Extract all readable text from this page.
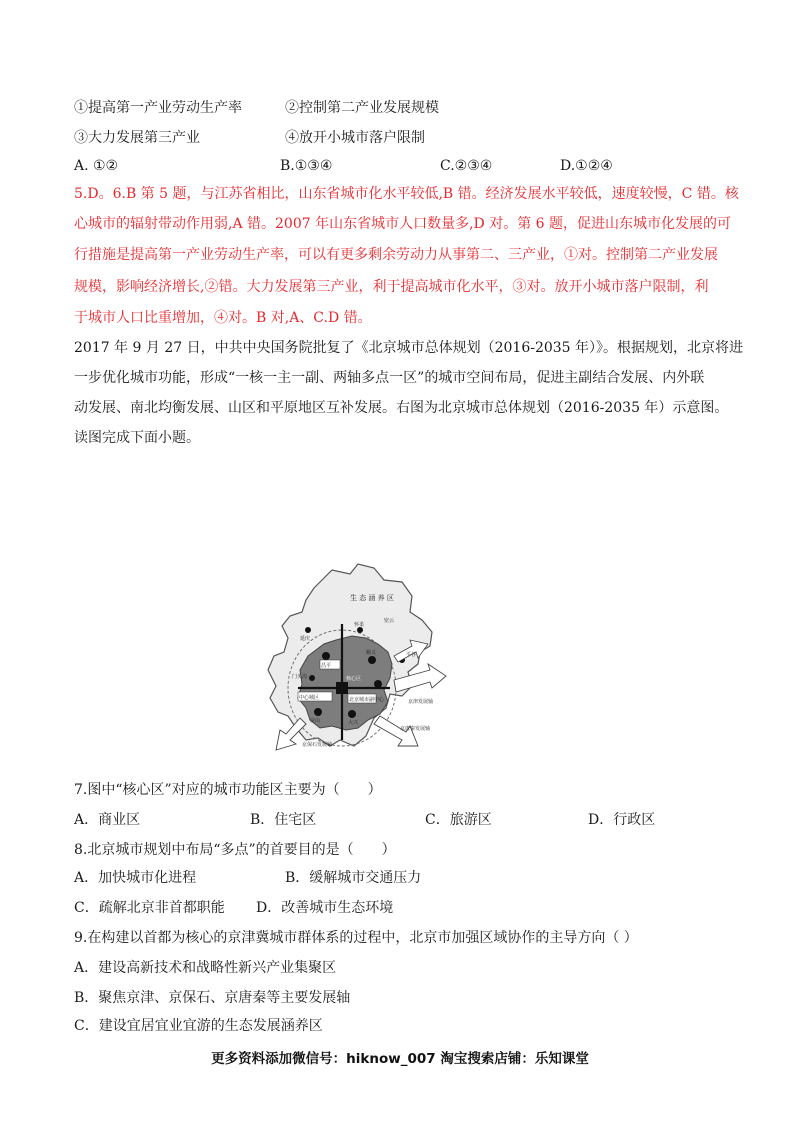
①提高第一产业劳动生产率	②控制第二产业发展规模
③大力发展第三产业	④放开小城市落户限制
A. ①②	B.①③④	C.②③④	D.①②④
5.D。6.B 第 5 题，与江苏省相比，山东省城市化水平较低,B 错。经济发展水平较低，速度较慢，C 错。核
心城市的辐射带动作用弱,A 错。2007 年山东省城市人口数量多,D 对。第 6 题，促进山东城市化发展的可
行措施是提高第一产业劳动生产率，可以有更多剩余劳动力从事第二、三产业，①对。控制第二产业发展
规模，影响经济增长,②错。大力发展第三产业，利于提高城市化水平，③对。放开小城市落户限制，利
于城市人口比重增加，④对。B 对,A、C.D 错。
2017 年 9 月 27 日，中共中央国务院批复了《北京城市总体规划（2016-2035 年）》。根据规划，北京将进
一步优化城市功能，形成“一核一主一副、两轴多点一区”的城市空间布局，促进主副结合发展、内外联
动发展、南北均衡发展、山区和平原地区互补发展。右图为北京城市总体规划（2016-2035 年）示意图。
读图完成下面小题。
生 态 涵 养 区
延庆
怀柔
密云
平谷
昌平
顺义
门头沟
中心城区	北京城市副中心
核心区
大兴
房山
京津发展轴
京唐秦发展轴
京保石发展轴
7.图中“核心区”对应的城市功能区主要为（　　）
A．商业区	B．住宅区	C．旅游区	D．行政区
8.北京城市规划中布局“多点”的首要目的是（　　）
A．加快城市化进程	B．缓解城市交通压力
C．疏解北京非首都职能 D．改善城市生态环境
9.在构建以首都为核心的京津冀城市群体系的过程中，北京市加强区域协作的主导方向（ ）
A．建设高新技术和战略性新兴产业集聚区
B．聚焦京津、京保石、京唐秦等主要发展轴
C．建设宜居宜业宜游的生态发展涵养区
更多资料添加微信号：hiknow_007 淘宝搜索店铺：乐知课堂
